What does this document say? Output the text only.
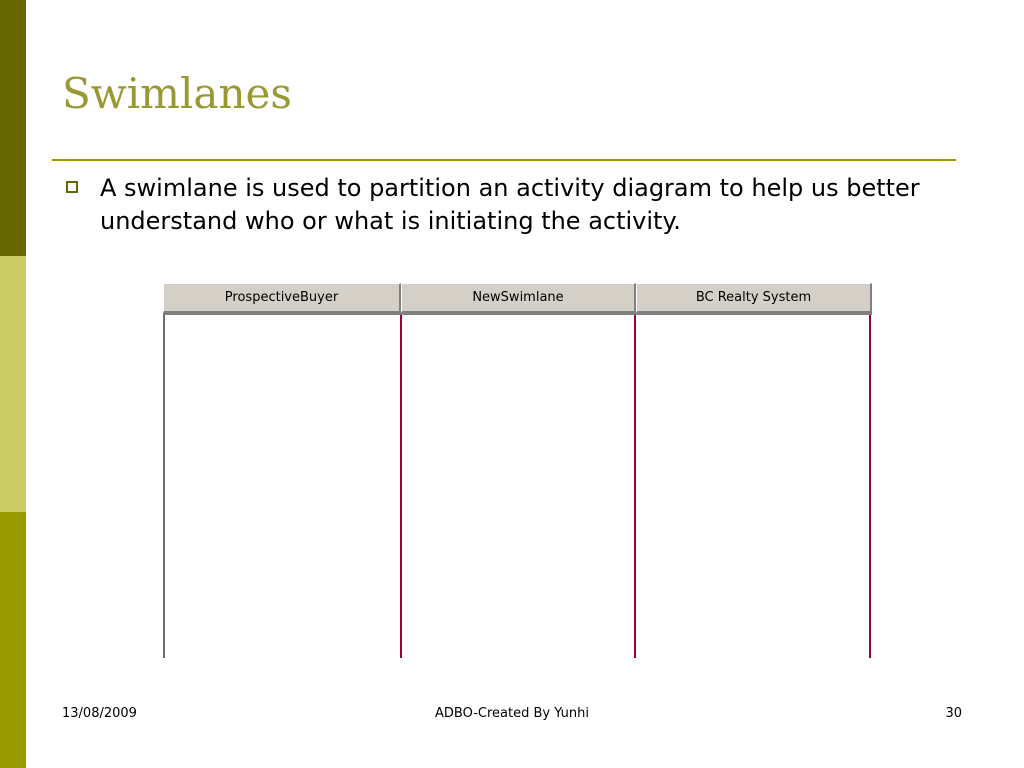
Swimlanes

A swimlane is used to partition an activity diagram to help us better understand who or what is initiating the activity.

ProspectiveBuyer	NewSwimlane	BC Realty System
13/08/2009	ADBO-Created By Yunhi	30
